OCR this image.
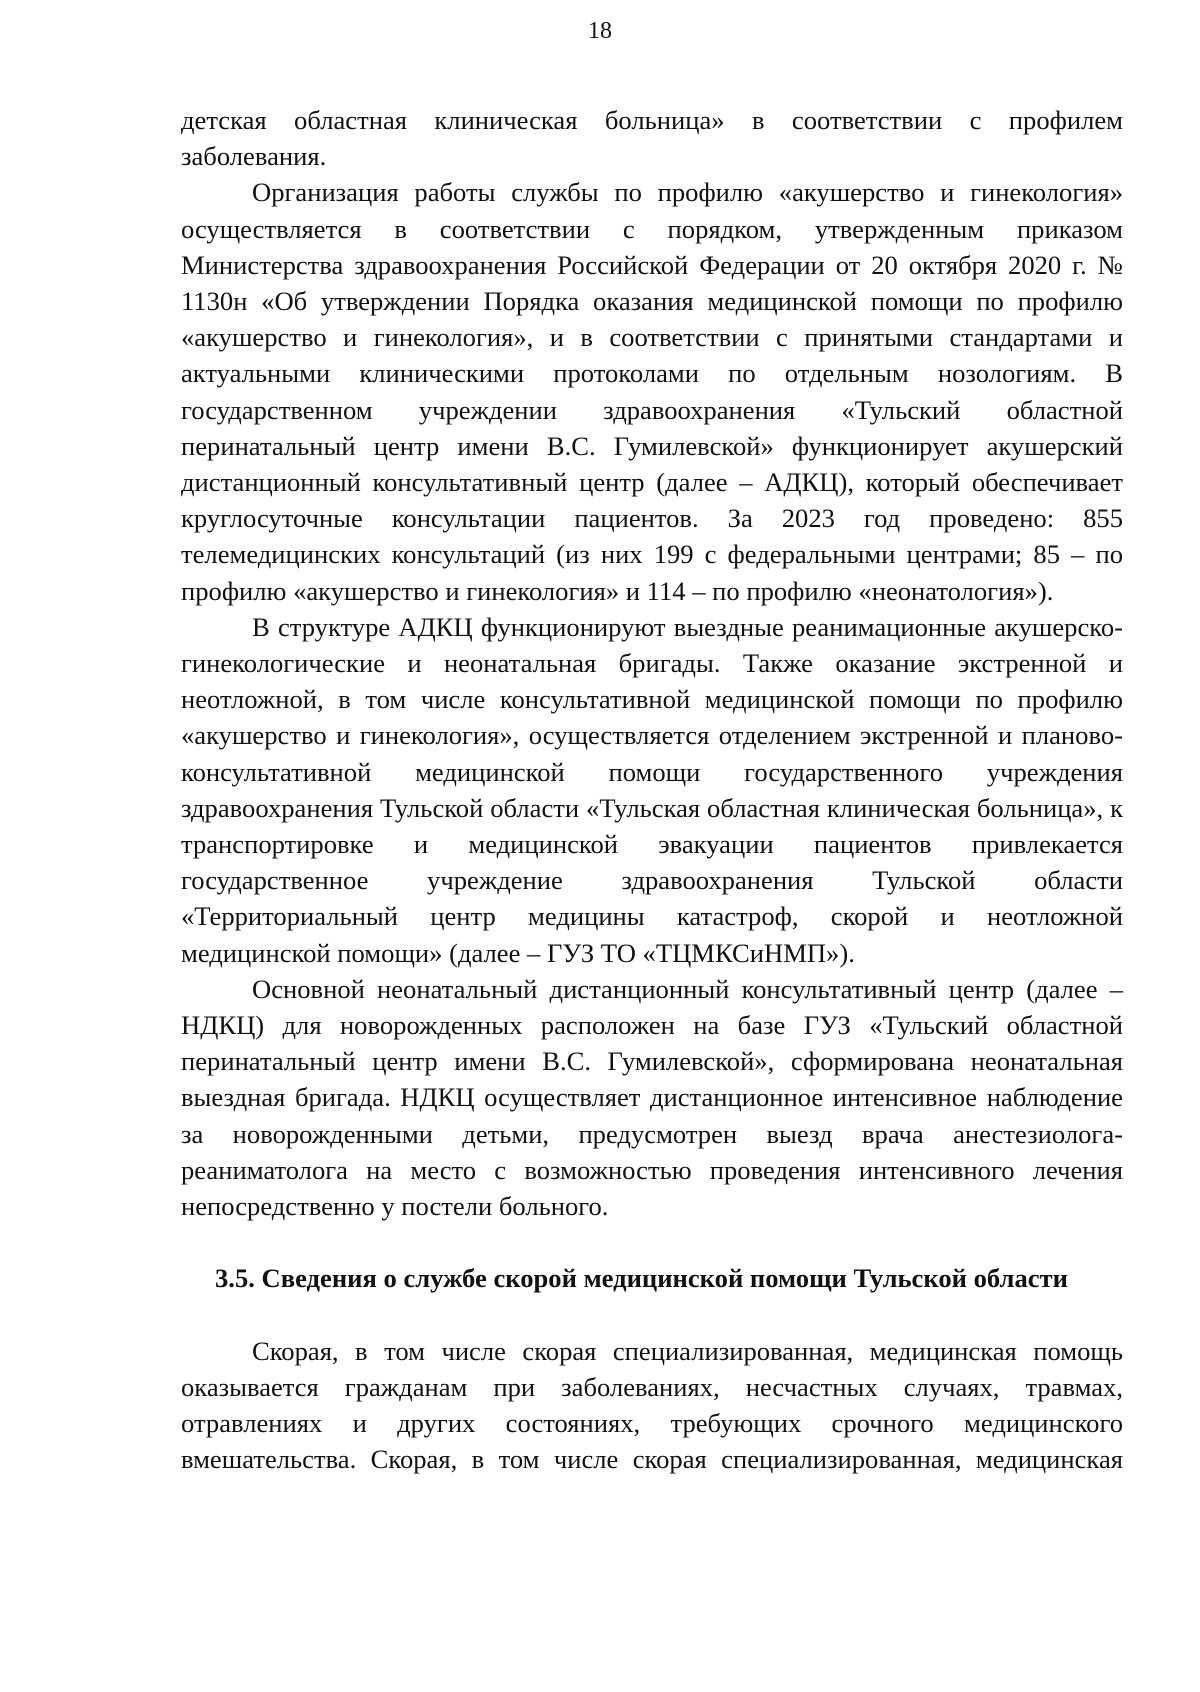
18

детская областная клиническая больница» в соответствии с профилем заболевания.

Организация работы службы по профилю «акушерство и гинекология» осуществляется в соответствии с порядком, утвержденным приказом Министерства здравоохранения Российской Федерации от 20 октября 2020 г. № 1130н «Об утверждении Порядка оказания медицинской помощи по профилю «акушерство и гинекология», и в соответствии с принятыми стандартами и актуальными клиническими протоколами по отдельным нозологиям. В государственном учреждении здравоохранения «Тульский областной перинатальный центр имени В.С. Гумилевской» функционирует акушерский дистанционный консультативный центр (далее – АДКЦ), который обеспечивает круглосуточные консультации пациентов. За 2023 год проведено: 855 телемедицинских консультаций (из них 199 с федеральными центрами; 85 – по профилю «акушерство и гинекология» и 114 – по профилю «неонатология»).

В структуре АДКЦ функционируют выездные реанимационные акушерско-гинекологические и неонатальная бригады. Также оказание экстренной и неотложной, в том числе консультативной медицинской помощи по профилю «акушерство и гинекология», осуществляется отделением экстренной и планово-консультативной медицинской помощи государственного учреждения здравоохранения Тульской области «Тульская областная клиническая больница», к транспортировке и медицинской эвакуации пациентов привлекается государственное учреждение здравоохранения Тульской области «Территориальный центр медицины катастроф, скорой и неотложной медицинской помощи» (далее – ГУЗ ТО «ТЦМКСиНМП»).

Основной неонатальный дистанционный консультативный центр (далее – НДКЦ) для новорожденных расположен на базе ГУЗ «Тульский областной перинатальный центр имени В.С. Гумилевской», сформирована неонатальная выездная бригада. НДКЦ осуществляет дистанционное интенсивное наблюдение за новорожденными детьми, предусмотрен выезд врача анестезиолога-реаниматолога на место с возможностью проведения интенсивного лечения непосредственно у постели больного.

3.5. Сведения о службе скорой медицинской помощи Тульской области

Скорая, в том числе скорая специализированная, медицинская помощь оказывается гражданам при заболеваниях, несчастных случаях, травмах, отравлениях и других состояниях, требующих срочного медицинского вмешательства. Скорая, в том числе скорая специализированная, медицинская
